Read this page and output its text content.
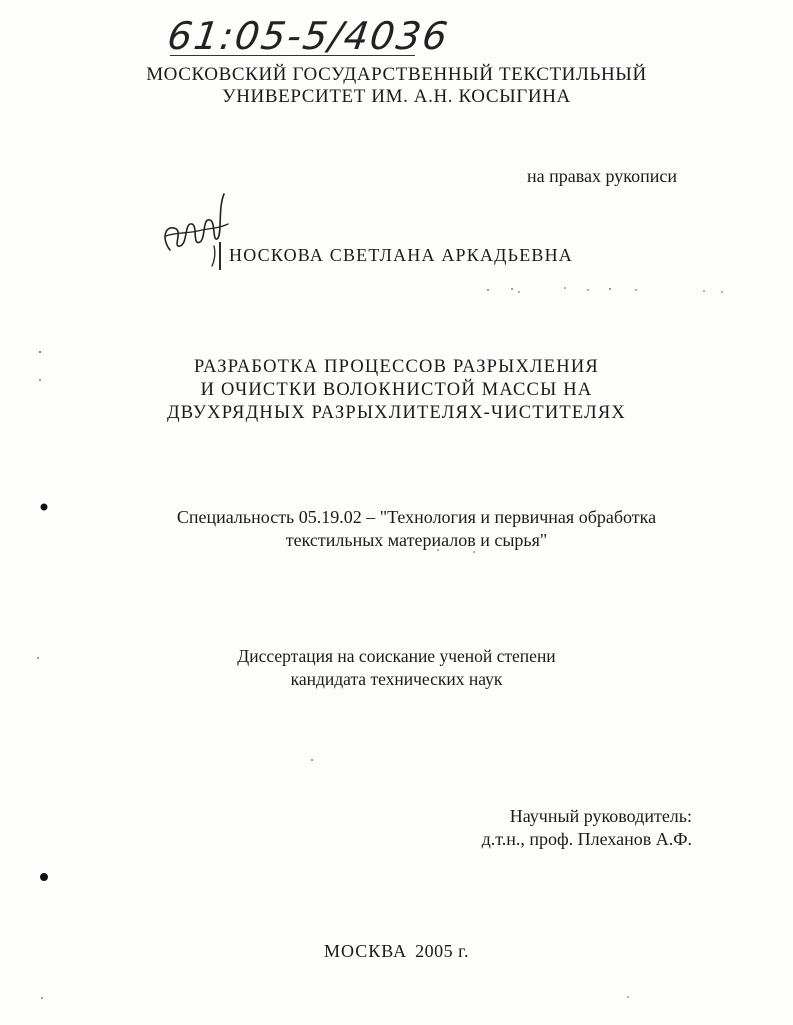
61:05-5/4036
МОСКОВСКИЙ ГОСУДАРСТВЕННЫЙ ТЕКСТИЛЬНЫЙ
УНИВЕРСИТЕТ ИМ. А.Н. КОСЫГИНА
на правах рукописи
НОСКОВА СВЕТЛАНА АРКАДЬЕВНА
РАЗРАБОТКА ПРОЦЕССОВ РАЗРЫХЛЕНИЯ
И ОЧИСТКИ ВОЛОКНИСТОЙ МАССЫ НА
ДВУХРЯДНЫХ РАЗРЫХЛИТЕЛЯХ-ЧИСТИТЕЛЯХ
Специальность 05.19.02 – "Технология и первичная обработка
текстильных материалов и сырья"
Диссертация на соискание ученой степени
кандидата технических наук
Научный руководитель:
д.т.н., проф. Плеханов А.Ф.
МОСКВА 2005 г.
